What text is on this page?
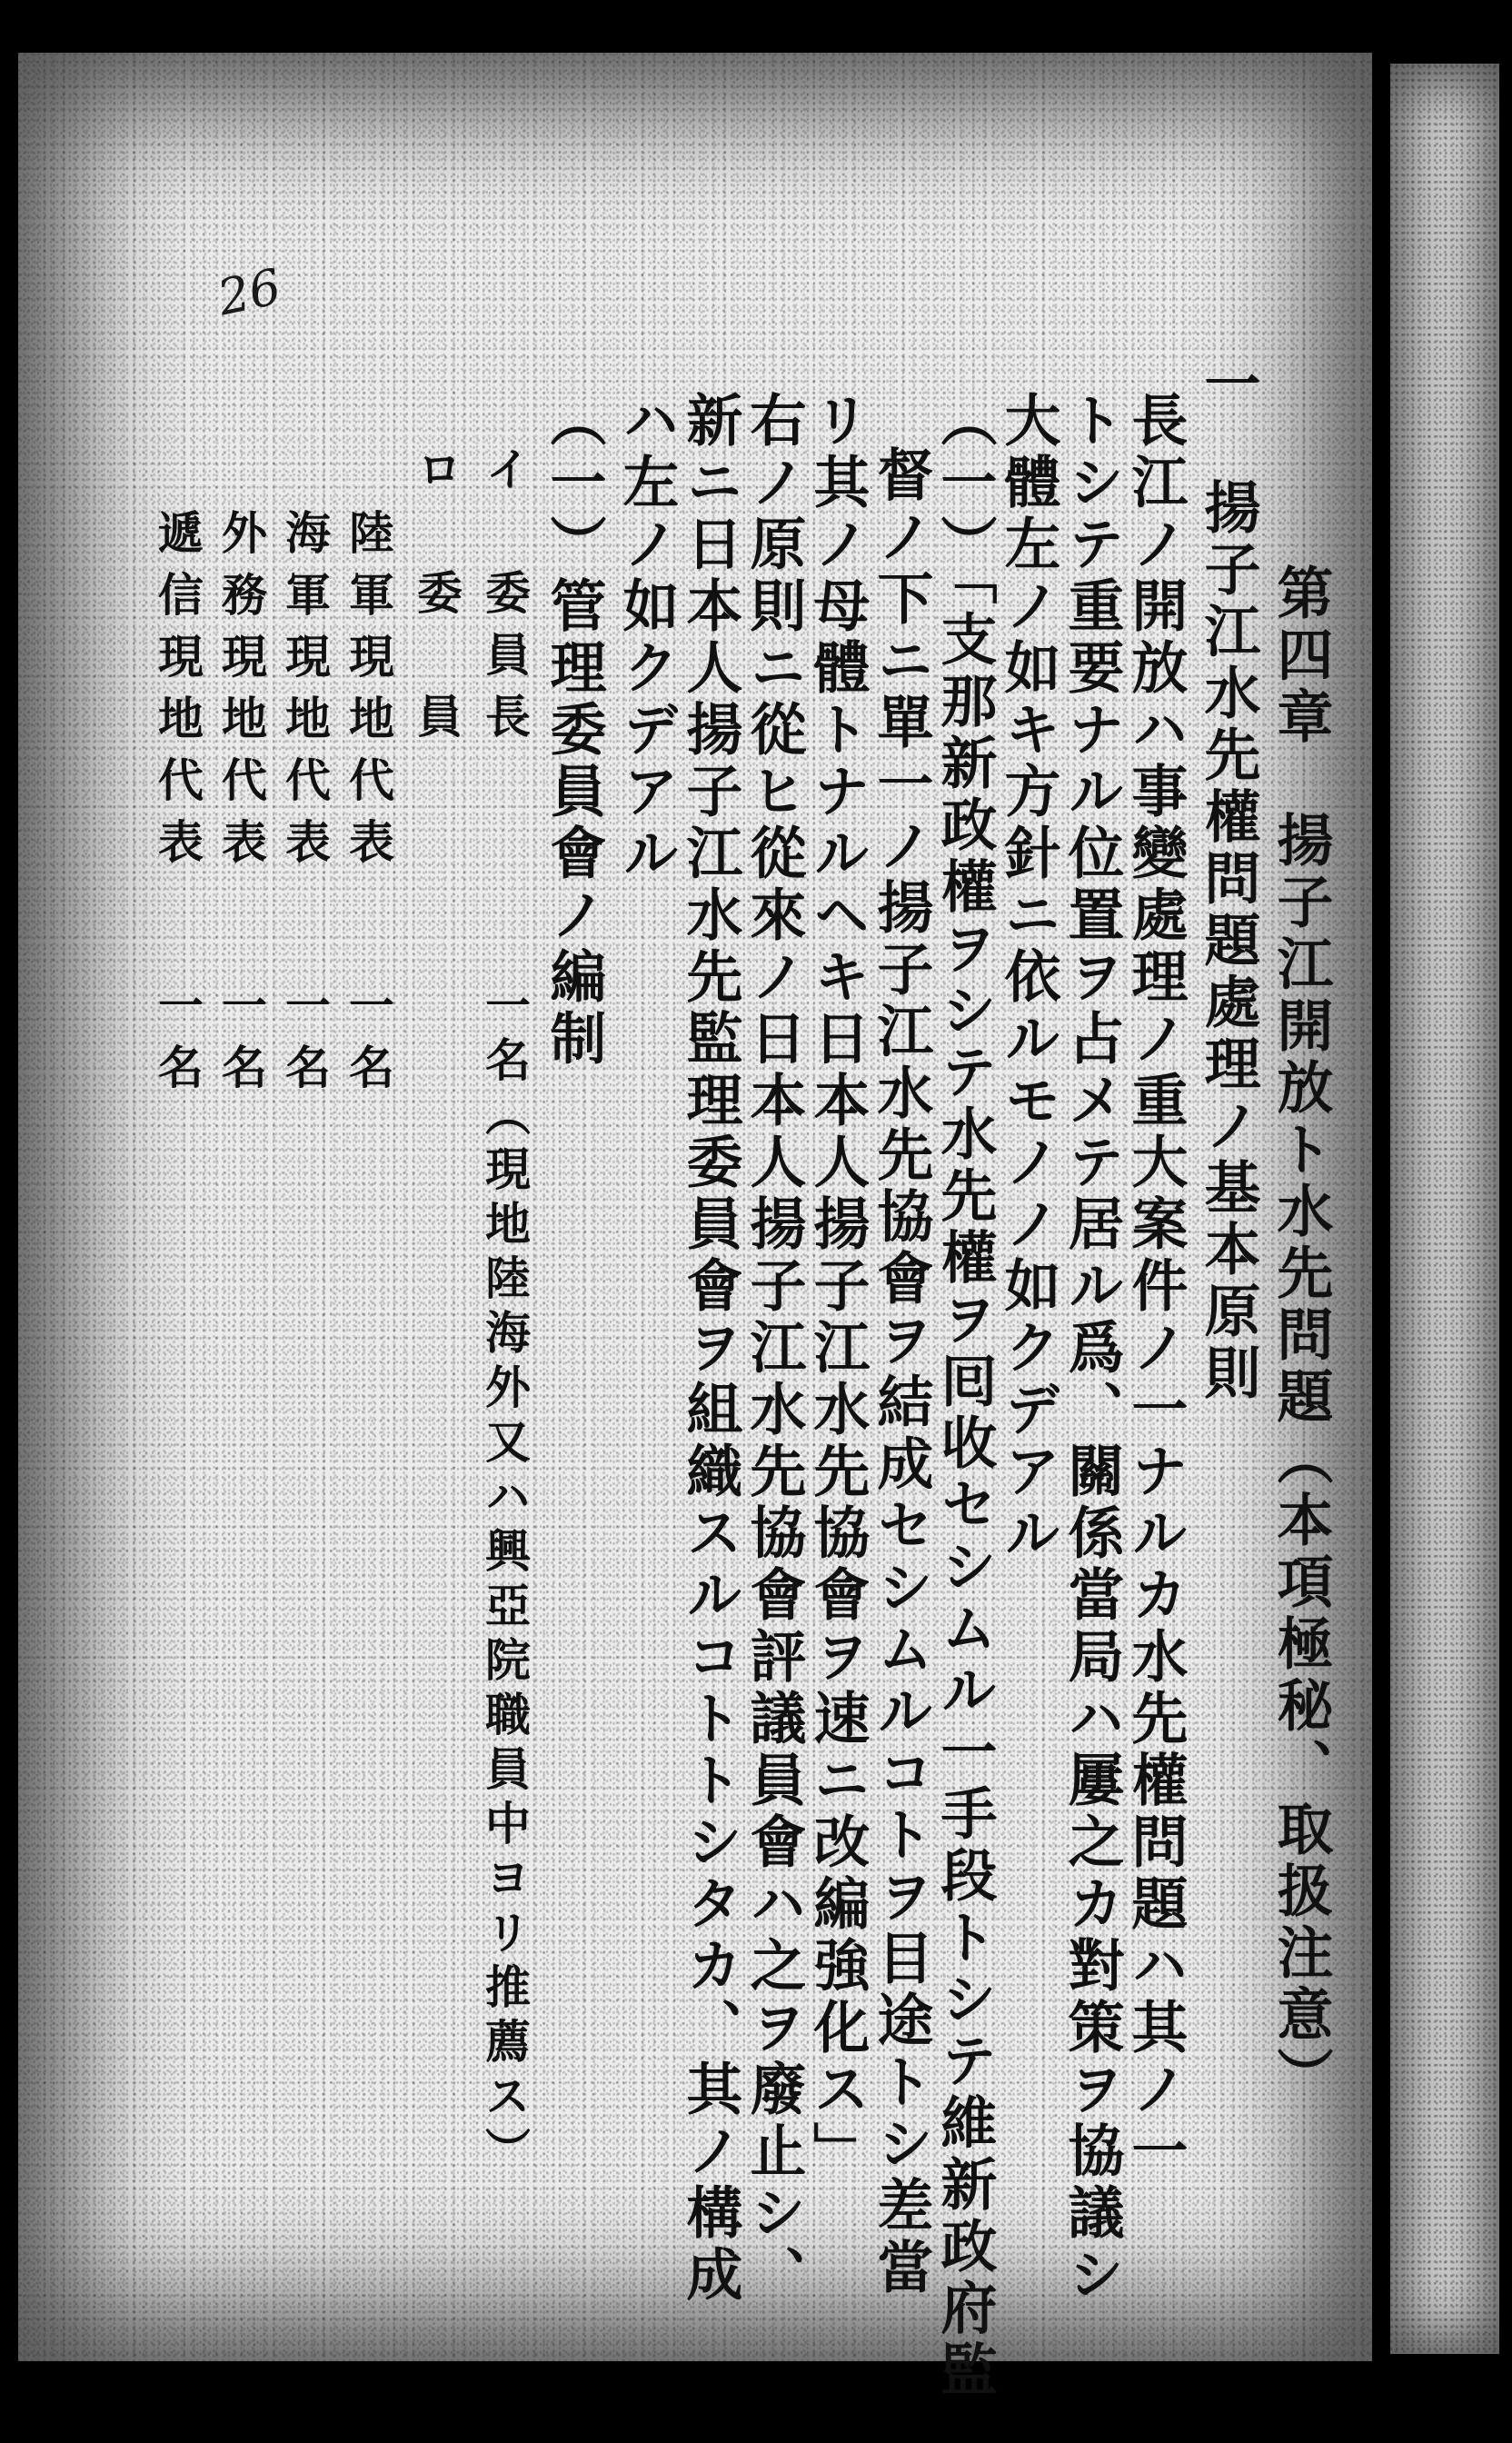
26
第四章　揚子江開放ト水先問題（本項極秘、取扱注意）
一　揚子江水先權問題處理ノ基本原則
長江ノ開放ハ事變處理ノ重大案件ノ一ナルカ水先權問題ハ其ノ一
トシテ重要ナル位置ヲ占メテ居ル爲、關係當局ハ屢之カ對策ヲ協議シ
大體左ノ如キ方針ニ依ルモノノ如クデアル
（一）「支那新政權ヲシテ水先權ヲ囘收セシムル一手段トシテ維新政府監
督ノ下ニ單一ノ揚子江水先協會ヲ結成セシムルコトヲ目途トシ差當
リ其ノ母體トナルヘキ日本人揚子江水先協會ヲ速ニ改編強化ス」
右ノ原則ニ從ヒ從來ノ日本人揚子江水先協會評議員會ハ之ヲ廢止シ、
新ニ日本人揚子江水先監理委員會ヲ組織スルコトトシタカ、其ノ構成
ハ左ノ如クデアル
（一）管理委員會ノ編制
イ　委員長
一名（現地陸海外又ハ興亞院職員中ヨリ推薦ス）
ロ　委　員
陸軍現地代表
一名
海軍現地代表
一名
外務現地代表
一名
遞信現地代表
一名
